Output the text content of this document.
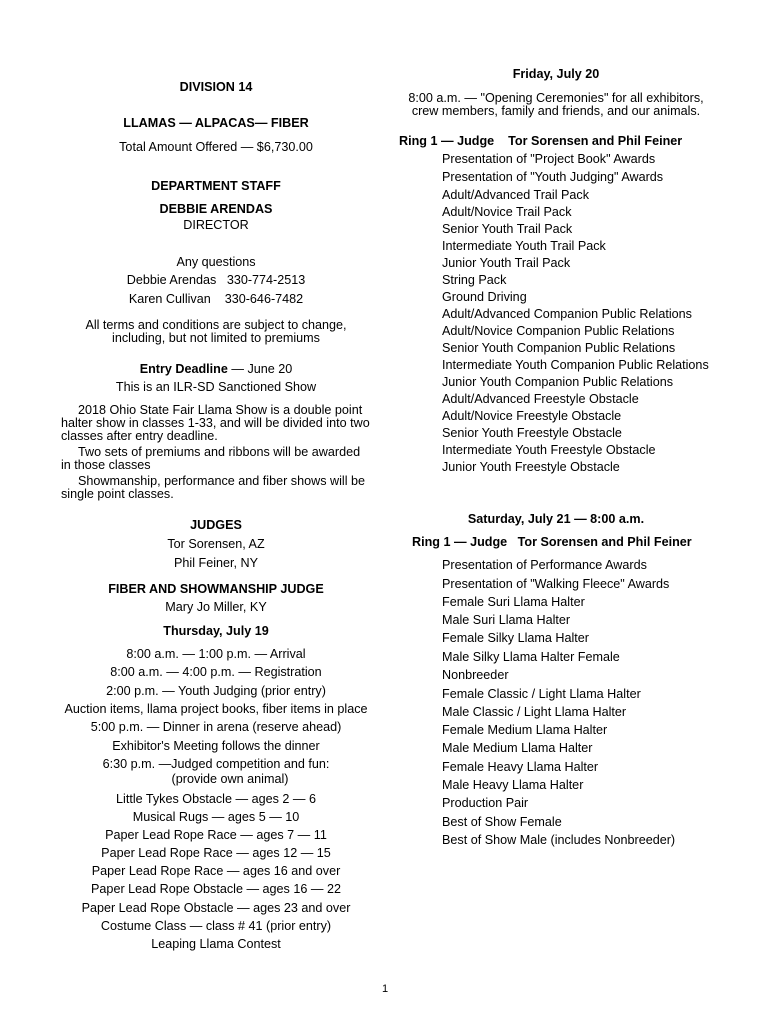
DIVISION 14
LLAMAS — ALPACAS— FIBER
Total Amount Offered — $6,730.00
DEPARTMENT STAFF
DEBBIE ARENDAS
DIRECTOR
Any questions
Debbie Arendas   330-774-2513
Karen Cullivan    330-646-7482
All terms and conditions are subject to change,
including, but not limited to premiums
Entry Deadline — June 20
This is an ILR-SD Sanctioned Show
2018 Ohio State Fair Llama Show is a double point halter show in classes 1-33, and will be divided into two classes after entry deadline.
Two sets of premiums and ribbons will be awarded in those classes
Showmanship, performance and fiber shows will be single point classes.
JUDGES
Tor Sorensen, AZ
Phil Feiner, NY
FIBER AND SHOWMANSHIP JUDGE
Mary Jo Miller, KY
Thursday, July 19
8:00 a.m. — 1:00 p.m. — Arrival
8:00 a.m. — 4:00 p.m. — Registration
2:00 p.m. — Youth Judging (prior entry)
Auction items, llama project books, fiber items in place
5:00 p.m. — Dinner in arena (reserve ahead)
Exhibitor's Meeting follows the dinner
6:30 p.m. —Judged competition and fun:
(provide own animal)
Little Tykes Obstacle — ages 2 — 6
Musical Rugs — ages 5 — 10
Paper Lead Rope Race — ages 7 — 11
Paper Lead Rope Race — ages 12 — 15
Paper Lead Rope Race — ages 16 and over
Paper Lead Rope Obstacle — ages 16 — 22
Paper Lead Rope Obstacle — ages 23 and over
Costume Class — class # 41 (prior entry)
Leaping Llama Contest
Friday, July 20
8:00 a.m. — "Opening Ceremonies" for all exhibitors,
crew members, family and friends, and our animals.
Ring 1 — Judge    Tor Sorensen and Phil Feiner
Presentation of "Project Book" Awards
Presentation of "Youth Judging" Awards
Adult/Advanced Trail Pack
Adult/Novice Trail Pack
Senior Youth Trail Pack
Intermediate Youth Trail Pack
Junior Youth Trail Pack
String Pack
Ground Driving
Adult/Advanced Companion Public Relations
Adult/Novice Companion Public Relations
Senior Youth Companion Public Relations
Intermediate Youth Companion Public Relations
Junior Youth Companion Public Relations
Adult/Advanced Freestyle Obstacle
Adult/Novice Freestyle Obstacle
Senior Youth Freestyle Obstacle
Intermediate Youth Freestyle Obstacle
Junior Youth Freestyle Obstacle
Saturday, July 21 — 8:00 a.m.
Ring 1 — Judge   Tor Sorensen and Phil Feiner
Presentation of Performance Awards
Presentation of "Walking Fleece" Awards
Female Suri Llama Halter
Male Suri Llama Halter
Female Silky Llama Halter
Male Silky Llama Halter Female
Nonbreeder
Female Classic / Light Llama Halter
Male Classic / Light Llama Halter
Female Medium Llama Halter
Male Medium Llama Halter
Female Heavy Llama Halter
Male Heavy Llama Halter
Production Pair
Best of Show Female
Best of Show Male (includes Nonbreeder)
1
